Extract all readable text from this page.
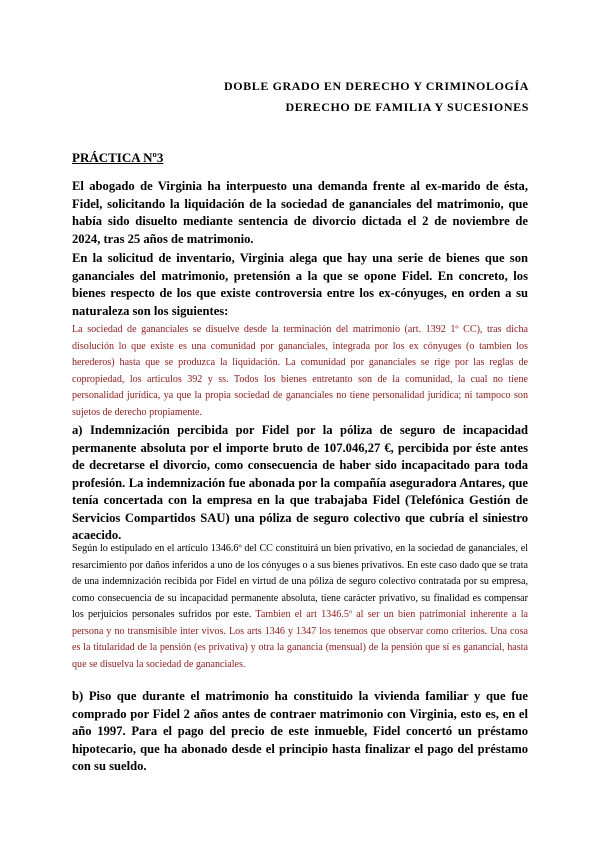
DOBLE GRADO EN DERECHO Y CRIMINOLOGÍA
DERECHO DE FAMILIA Y SUCESIONES
PRÁCTICA Nº3

El abogado de Virginia ha interpuesto una demanda frente al ex-marido de ésta, Fidel, solicitando la liquidación de la sociedad de gananciales del matrimonio, que había sido disuelto mediante sentencia de divorcio dictada el 2 de noviembre de 2024, tras 25 años de matrimonio.

En la solicitud de inventario, Virginia alega que hay una serie de bienes que son gananciales del matrimonio, pretensión a la que se opone Fidel. En concreto, los bienes respecto de los que existe controversia entre los ex-cónyuges, en orden a su naturaleza son los siguientes:

La sociedad de gananciales se disuelve desde la terminación del matrimonio (art. 1392 1º CC), tras dicha disolución lo que existe es una comunidad por gananciales, integrada por los ex cónyuges (o tambien los herederos) hasta que se produzca la liquidación. La comunidad por gananciales se rige por las reglas de copropiedad, los articulos 392 y ss. Todos los bienes entretanto son de la comunidad, la cual no tiene personalidad jurídica, ya que la propia sociedad de gananciales no tiene personalidad jurídica; ni tampoco son sujetos de derecho propiamente.

a) Indemnización percibida por Fidel por la póliza de seguro de incapacidad permanente absoluta por el importe bruto de 107.046,27 €, percibida por éste antes de decretarse el divorcio, como consecuencia de haber sido incapacitado para toda profesión. La indemnización fue abonada por la compañía aseguradora Antares, que tenía concertada con la empresa en la que trabajaba Fidel (Telefónica Gestión de Servicios Compartidos SAU) una póliza de seguro colectivo que cubría el siniestro acaecido.

Según lo estipulado en el artículo 1346.6º del CC constituirá un bien privativo, en la sociedad de gananciales, el resarcimiento por daños inferidos a uno de los cónyuges o a sus bienes privativos. En este caso dado que se trata de una indemnización recibida por Fidel en virtud de una póliza de seguro colectivo contratada por su empresa, como consecuencia de su incapacidad permanente absoluta, tiene carácter privativo, su finalidad es compensar los perjuicios personales sufridos por este. Tambien el art 1346.5º al ser un bien patrimonial inherente a la persona y no transmisible inter vivos. Los arts 1346 y 1347 los tenemos que observar como criterios. Una cosa es la titularidad de la pensión (es privativa) y otra la ganancia (mensual) de la pensión que sí es ganancial, hasta que se disuelva la sociedad de gananciales.

b) Piso que durante el matrimonio ha constituido la vivienda familiar y que fue comprado por Fidel 2 años antes de contraer matrimonio con Virginia, esto es, en el año 1997. Para el pago del precio de este inmueble, Fidel concertó un préstamo hipotecario, que ha abonado desde el principio hasta finalizar el pago del préstamo con su sueldo.
